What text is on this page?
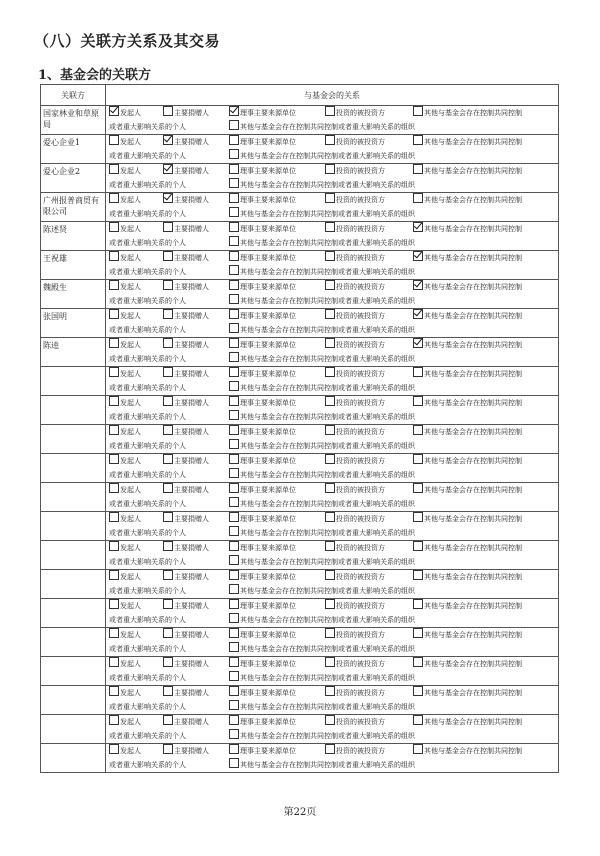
（八）关联方关系及其交易
1、基金会的关联方
关联方	与基金会的关系
国家林业和草原局	发起人 主要捐赠人 理事主要来源单位 投资的被投资方 其他与基金会存在控制共同控制
或者重大影响关系的个人 其他与基金会存在控制共同控制或者重大影响关系的组织

爱心企业1	发起人 主要捐赠人 理事主要来源单位 投资的被投资方 其他与基金会存在控制共同控制
或者重大影响关系的个人 其他与基金会存在控制共同控制或者重大影响关系的组织

爱心企业2	发起人 主要捐赠人 理事主要来源单位 投资的被投资方 其他与基金会存在控制共同控制
或者重大影响关系的个人 其他与基金会存在控制共同控制或者重大影响关系的组织

广州报普商贸有限公司	发起人 主要捐赠人 理事主要来源单位 投资的被投资方 其他与基金会存在控制共同控制
或者重大影响关系的个人 其他与基金会存在控制共同控制或者重大影响关系的组织

陈述贤	发起人 主要捐赠人 理事主要来源单位 投资的被投资方 其他与基金会存在控制共同控制
或者重大影响关系的个人 其他与基金会存在控制共同控制或者重大影响关系的组织

王祝雄	发起人 主要捐赠人 理事主要来源单位 投资的被投资方 其他与基金会存在控制共同控制
或者重大影响关系的个人 其他与基金会存在控制共同控制或者重大影响关系的组织

魏殿生	发起人 主要捐赠人 理事主要来源单位 投资的被投资方 其他与基金会存在控制共同控制
或者重大影响关系的个人 其他与基金会存在控制共同控制或者重大影响关系的组织

张国明	发起人 主要捐赠人 理事主要来源单位 投资的被投资方 其他与基金会存在控制共同控制
或者重大影响关系的个人 其他与基金会存在控制共同控制或者重大影响关系的组织

陈逵	发起人 主要捐赠人 理事主要来源单位 投资的被投资方 其他与基金会存在控制共同控制
或者重大影响关系的个人 其他与基金会存在控制共同控制或者重大影响关系的组织

	发起人 主要捐赠人 理事主要来源单位 投资的被投资方 其他与基金会存在控制共同控制
或者重大影响关系的个人 其他与基金会存在控制共同控制或者重大影响关系的组织

	发起人 主要捐赠人 理事主要来源单位 投资的被投资方 其他与基金会存在控制共同控制
或者重大影响关系的个人 其他与基金会存在控制共同控制或者重大影响关系的组织

	发起人 主要捐赠人 理事主要来源单位 投资的被投资方 其他与基金会存在控制共同控制
或者重大影响关系的个人 其他与基金会存在控制共同控制或者重大影响关系的组织

	发起人 主要捐赠人 理事主要来源单位 投资的被投资方 其他与基金会存在控制共同控制
或者重大影响关系的个人 其他与基金会存在控制共同控制或者重大影响关系的组织

	发起人 主要捐赠人 理事主要来源单位 投资的被投资方 其他与基金会存在控制共同控制
或者重大影响关系的个人 其他与基金会存在控制共同控制或者重大影响关系的组织

	发起人 主要捐赠人 理事主要来源单位 投资的被投资方 其他与基金会存在控制共同控制
或者重大影响关系的个人 其他与基金会存在控制共同控制或者重大影响关系的组织

	发起人 主要捐赠人 理事主要来源单位 投资的被投资方 其他与基金会存在控制共同控制
或者重大影响关系的个人 其他与基金会存在控制共同控制或者重大影响关系的组织

	发起人 主要捐赠人 理事主要来源单位 投资的被投资方 其他与基金会存在控制共同控制
或者重大影响关系的个人 其他与基金会存在控制共同控制或者重大影响关系的组织

	发起人 主要捐赠人 理事主要来源单位 投资的被投资方 其他与基金会存在控制共同控制
或者重大影响关系的个人 其他与基金会存在控制共同控制或者重大影响关系的组织

	发起人 主要捐赠人 理事主要来源单位 投资的被投资方 其他与基金会存在控制共同控制
或者重大影响关系的个人 其他与基金会存在控制共同控制或者重大影响关系的组织

	发起人 主要捐赠人 理事主要来源单位 投资的被投资方 其他与基金会存在控制共同控制
或者重大影响关系的个人 其他与基金会存在控制共同控制或者重大影响关系的组织

	发起人 主要捐赠人 理事主要来源单位 投资的被投资方 其他与基金会存在控制共同控制
或者重大影响关系的个人 其他与基金会存在控制共同控制或者重大影响关系的组织

	发起人 主要捐赠人 理事主要来源单位 投资的被投资方 其他与基金会存在控制共同控制
或者重大影响关系的个人 其他与基金会存在控制共同控制或者重大影响关系的组织

	发起人 主要捐赠人 理事主要来源单位 投资的被投资方 其他与基金会存在控制共同控制
或者重大影响关系的个人 其他与基金会存在控制共同控制或者重大影响关系的组织
第22页
